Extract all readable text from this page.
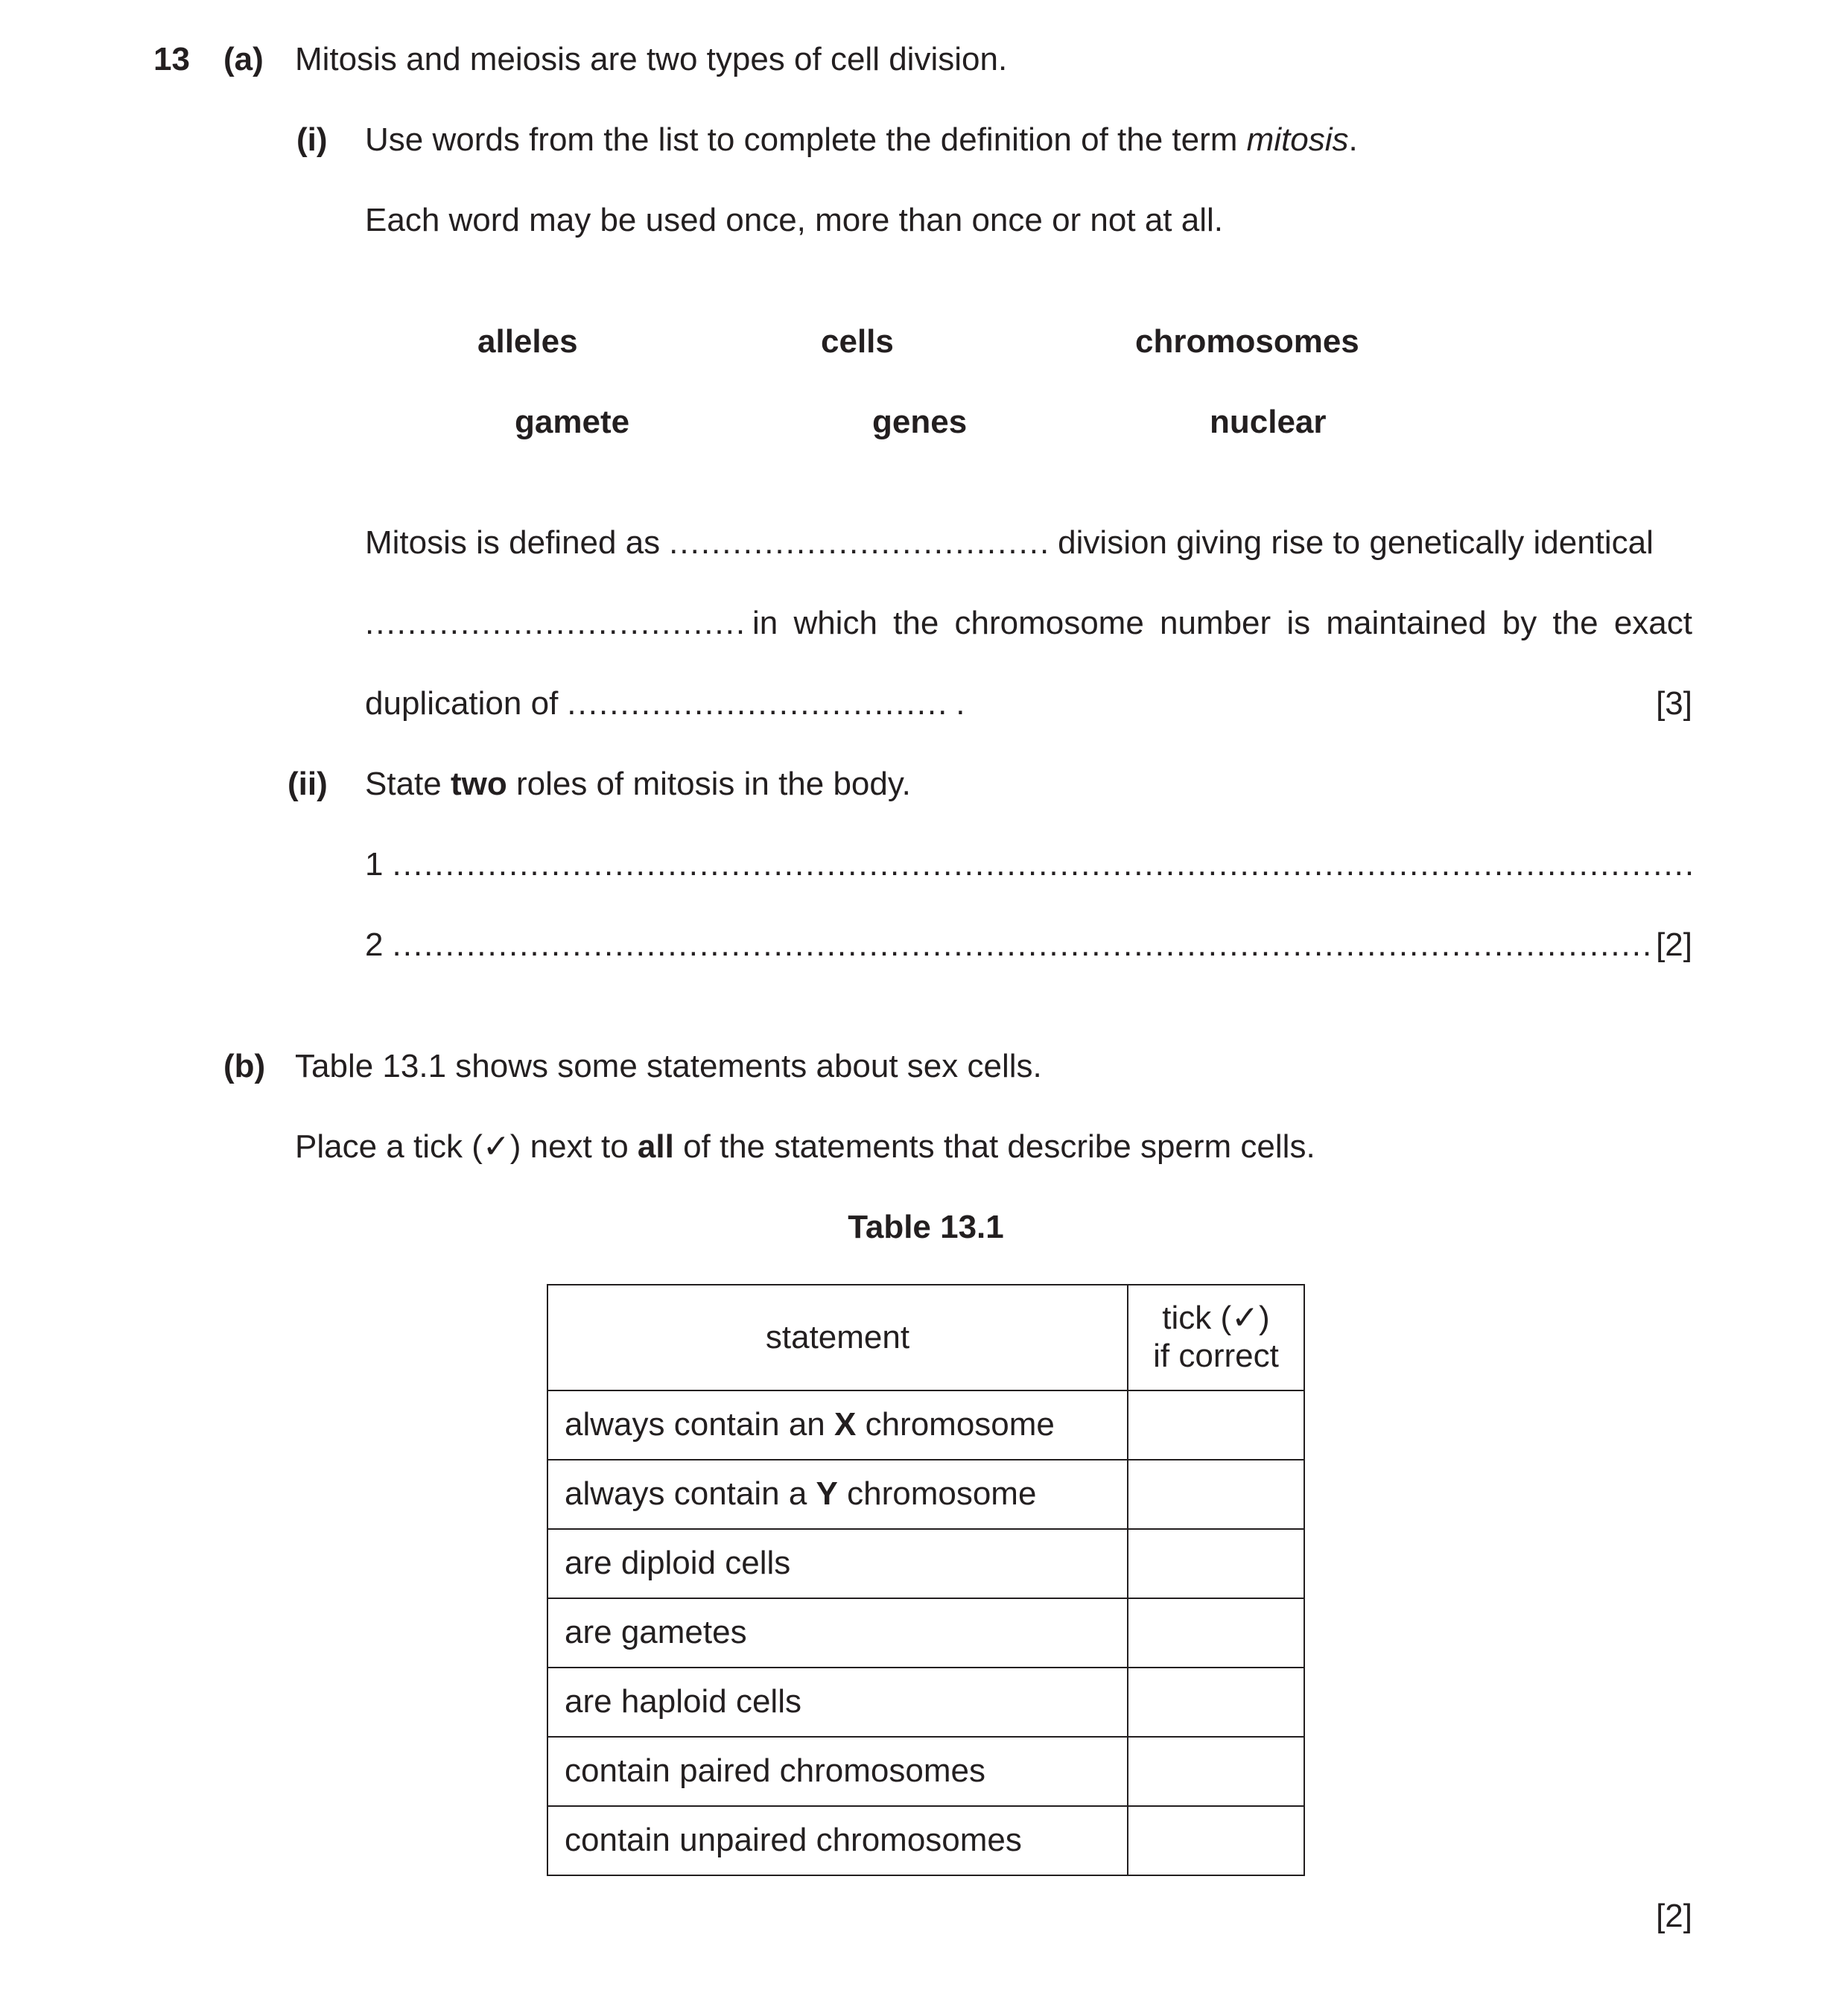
13 (a) Mitosis and meiosis are two types of cell division.
(i) Use words from the list to complete the definition of the term mitosis.
Each word may be used once, more than once or not at all.
alleles	cells	chromosomes
gamete	genes	nuclear
Mitosis is defined as .....	division giving rise to genetically identical
.....
in which the chromosome number is maintained by the exact
duplication of .....	.	[3]
(ii) State two roles of mitosis in the body.
1
.....
2 .....	[2]
(b) Table 13.1 shows some statements about sex cells.
Place a tick (✓) next to all of the statements that describe sperm cells.
Table 13.1
statement	tick (✓)
if correct
always contain an X chromosome	
always contain a Y chromosome	
are diploid cells	
are gametes	
are haploid cells	
contain paired chromosomes	
contain unpaired chromosomes	
[2]
